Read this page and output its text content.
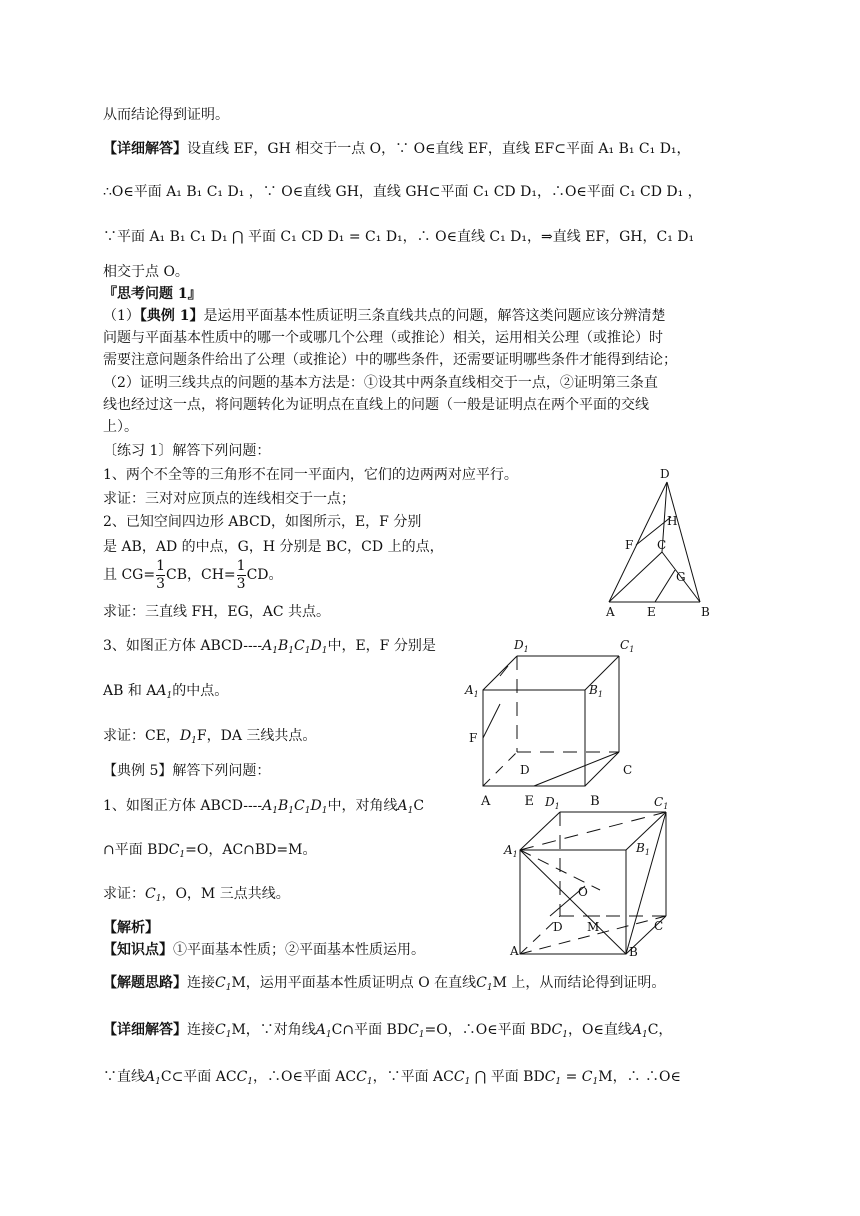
从而结论得到证明。
【详细解答】设直线 EF，GH 相交于一点 O，∵ O∈直线 EF，直线 EF⊂平面 A₁ B₁ C₁ D₁，
∴O∈平面 A₁ B₁ C₁ D₁ ，∵ O∈直线 GH，直线 GH⊂平面 C₁ CD D₁，∴O∈平面 C₁ CD D₁ ，
∵平面 A₁ B₁ C₁ D₁ ⋂ 平面 C₁ CD D₁ = C₁ D₁，∴ O∈直线 C₁ D₁，⇒直线 EF，GH，C₁ D₁
相交于点 O。
『思考问题 1』
（1）【典例 1】是运用平面基本性质证明三条直线共点的问题，解答这类问题应该分辨清楚
问题与平面基本性质中的哪一个或哪几个公理（或推论）相关，运用相关公理（或推论）时
需要注意问题条件给出了公理（或推论）中的哪些条件，还需要证明哪些条件才能得到结论；
（2）证明三线共点的问题的基本方法是：①设其中两条直线相交于一点，②证明第三条直
线也经过这一点，将问题转化为证明点在直线上的问题（一般是证明点在两个平面的交线
上）。
〔练习 1〕解答下列问题：
1、两个不全等的三角形不在同一平面内，它们的边两两对应平行。
求证：三对对应顶点的连线相交于一点；
2、已知空间四边形 ABCD，如图所示，E，F 分别
是 AB，AD 的中点，G，H 分别是 BC，CD 上的点，
且 $CG= \frac{1}{3}$ CB，$CH= \frac{1}{3}$ CD。
求证：三直线 FH，EG，AC 共点。
3、如图正方体 ABCD-$---A_1B_1C_1D_1$中，E，F 分别是
AB 和 $AA_1$的中点。
求证：CE，$D_1F$，DA 三线共点。
【典例 5】解答下列问题：
1、如图正方体 ABCD-$---A_1B_1C_1D_1$中，对角线$A_1C$
∩平面 $BDC_1=O$，AC∩BD=M。
求证：$C_1$，O，M 三点共线。
【解析】
【知识点】①平面基本性质；②平面基本性质运用。
【解题思路】连接$C_1M$，运用平面基本性质证明点 O 在直线$C_1M$ 上，从而结论得到证明。
【详细解答】连接$C_1M$，∵对角线$A_1C\cap$平面 $BDC_1=O$，∴O∈平面 $BDC_1$，O∈直线$A_1C$，
∵直线$A_1C\subset$平面 $ACC_1$，∴O∈平面 $ACC_1$，∵平面 $ACC_1$ ⋂ 平面 $BDC_1 = C_1M$，∴ ∴O∈
D
H
F C
G
A	E	B
$D_1$	$C_1$
$A_1$	$B_1$
F
D	C
$D_1$	$C_1$
$A_1$	$B_1$
O
D M	C
A	B
A	E	B
